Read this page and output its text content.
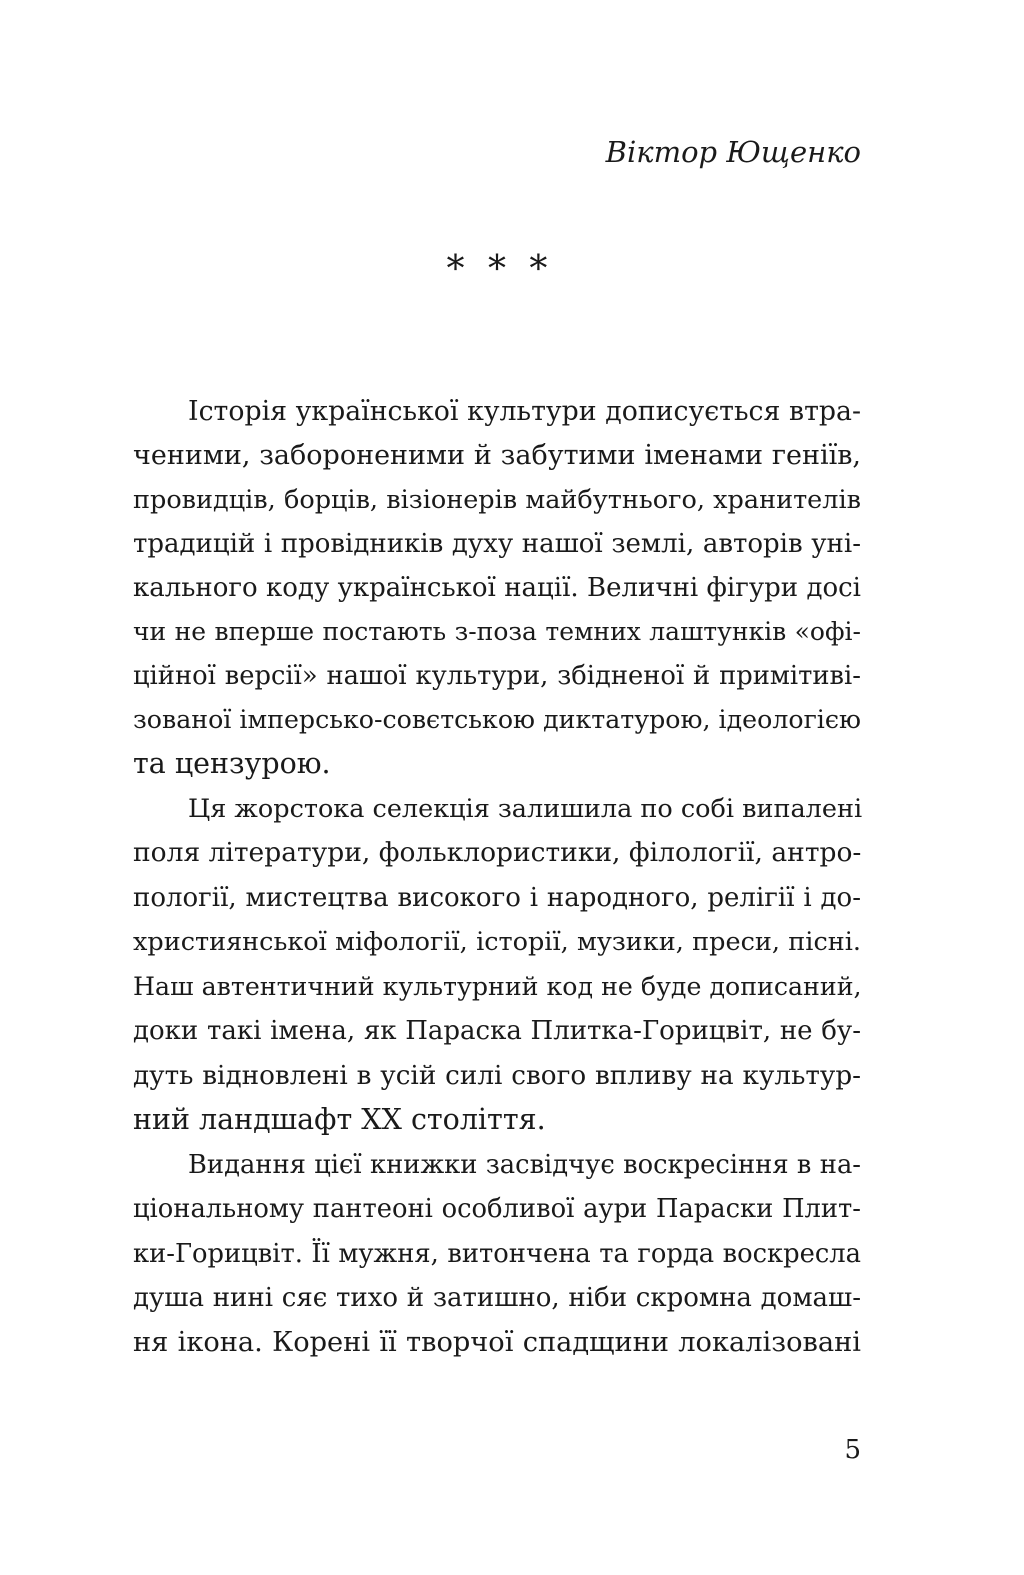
Віктор Ющенко
* * *
Історія української культури дописується втра-
ченими, забороненими й забутими іменами геніїв,
провидців, борців, візіонерів майбутнього, хранителів
традицій і провідників духу нашої землі, авторів уні-
кального коду української нації. Величні фігури досі
чи не вперше постають з-поза темних лаштунків «офі-
ційної версії» нашої культури, збідненої й примітиві-
зованої імперсько-совєтською диктатурою, ідеологією
та цензурою.
Ця жорстока селекція залишила по собі випалені
поля літератури, фольклористики, філології, антро-
пології, мистецтва високого і народного, релігії і до-
християнської міфології, історії, музики, преси, пісні.
Наш автентичний культурний код не буде дописаний,
доки такі імена, як Параска Плитка-Горицвіт, не бу-
дуть відновлені в усій силі свого впливу на культур-
ний ландшафт XX століття.
Видання цієї книжки засвідчує воскресіння в на-
ціональному пантеоні особливої аури Параски Плит-
ки-Горицвіт. Її мужня, витончена та горда воскресла
душа нині сяє тихо й затишно, ніби скромна домаш-
ня ікона. Корені її творчої спадщини локалізовані
5
